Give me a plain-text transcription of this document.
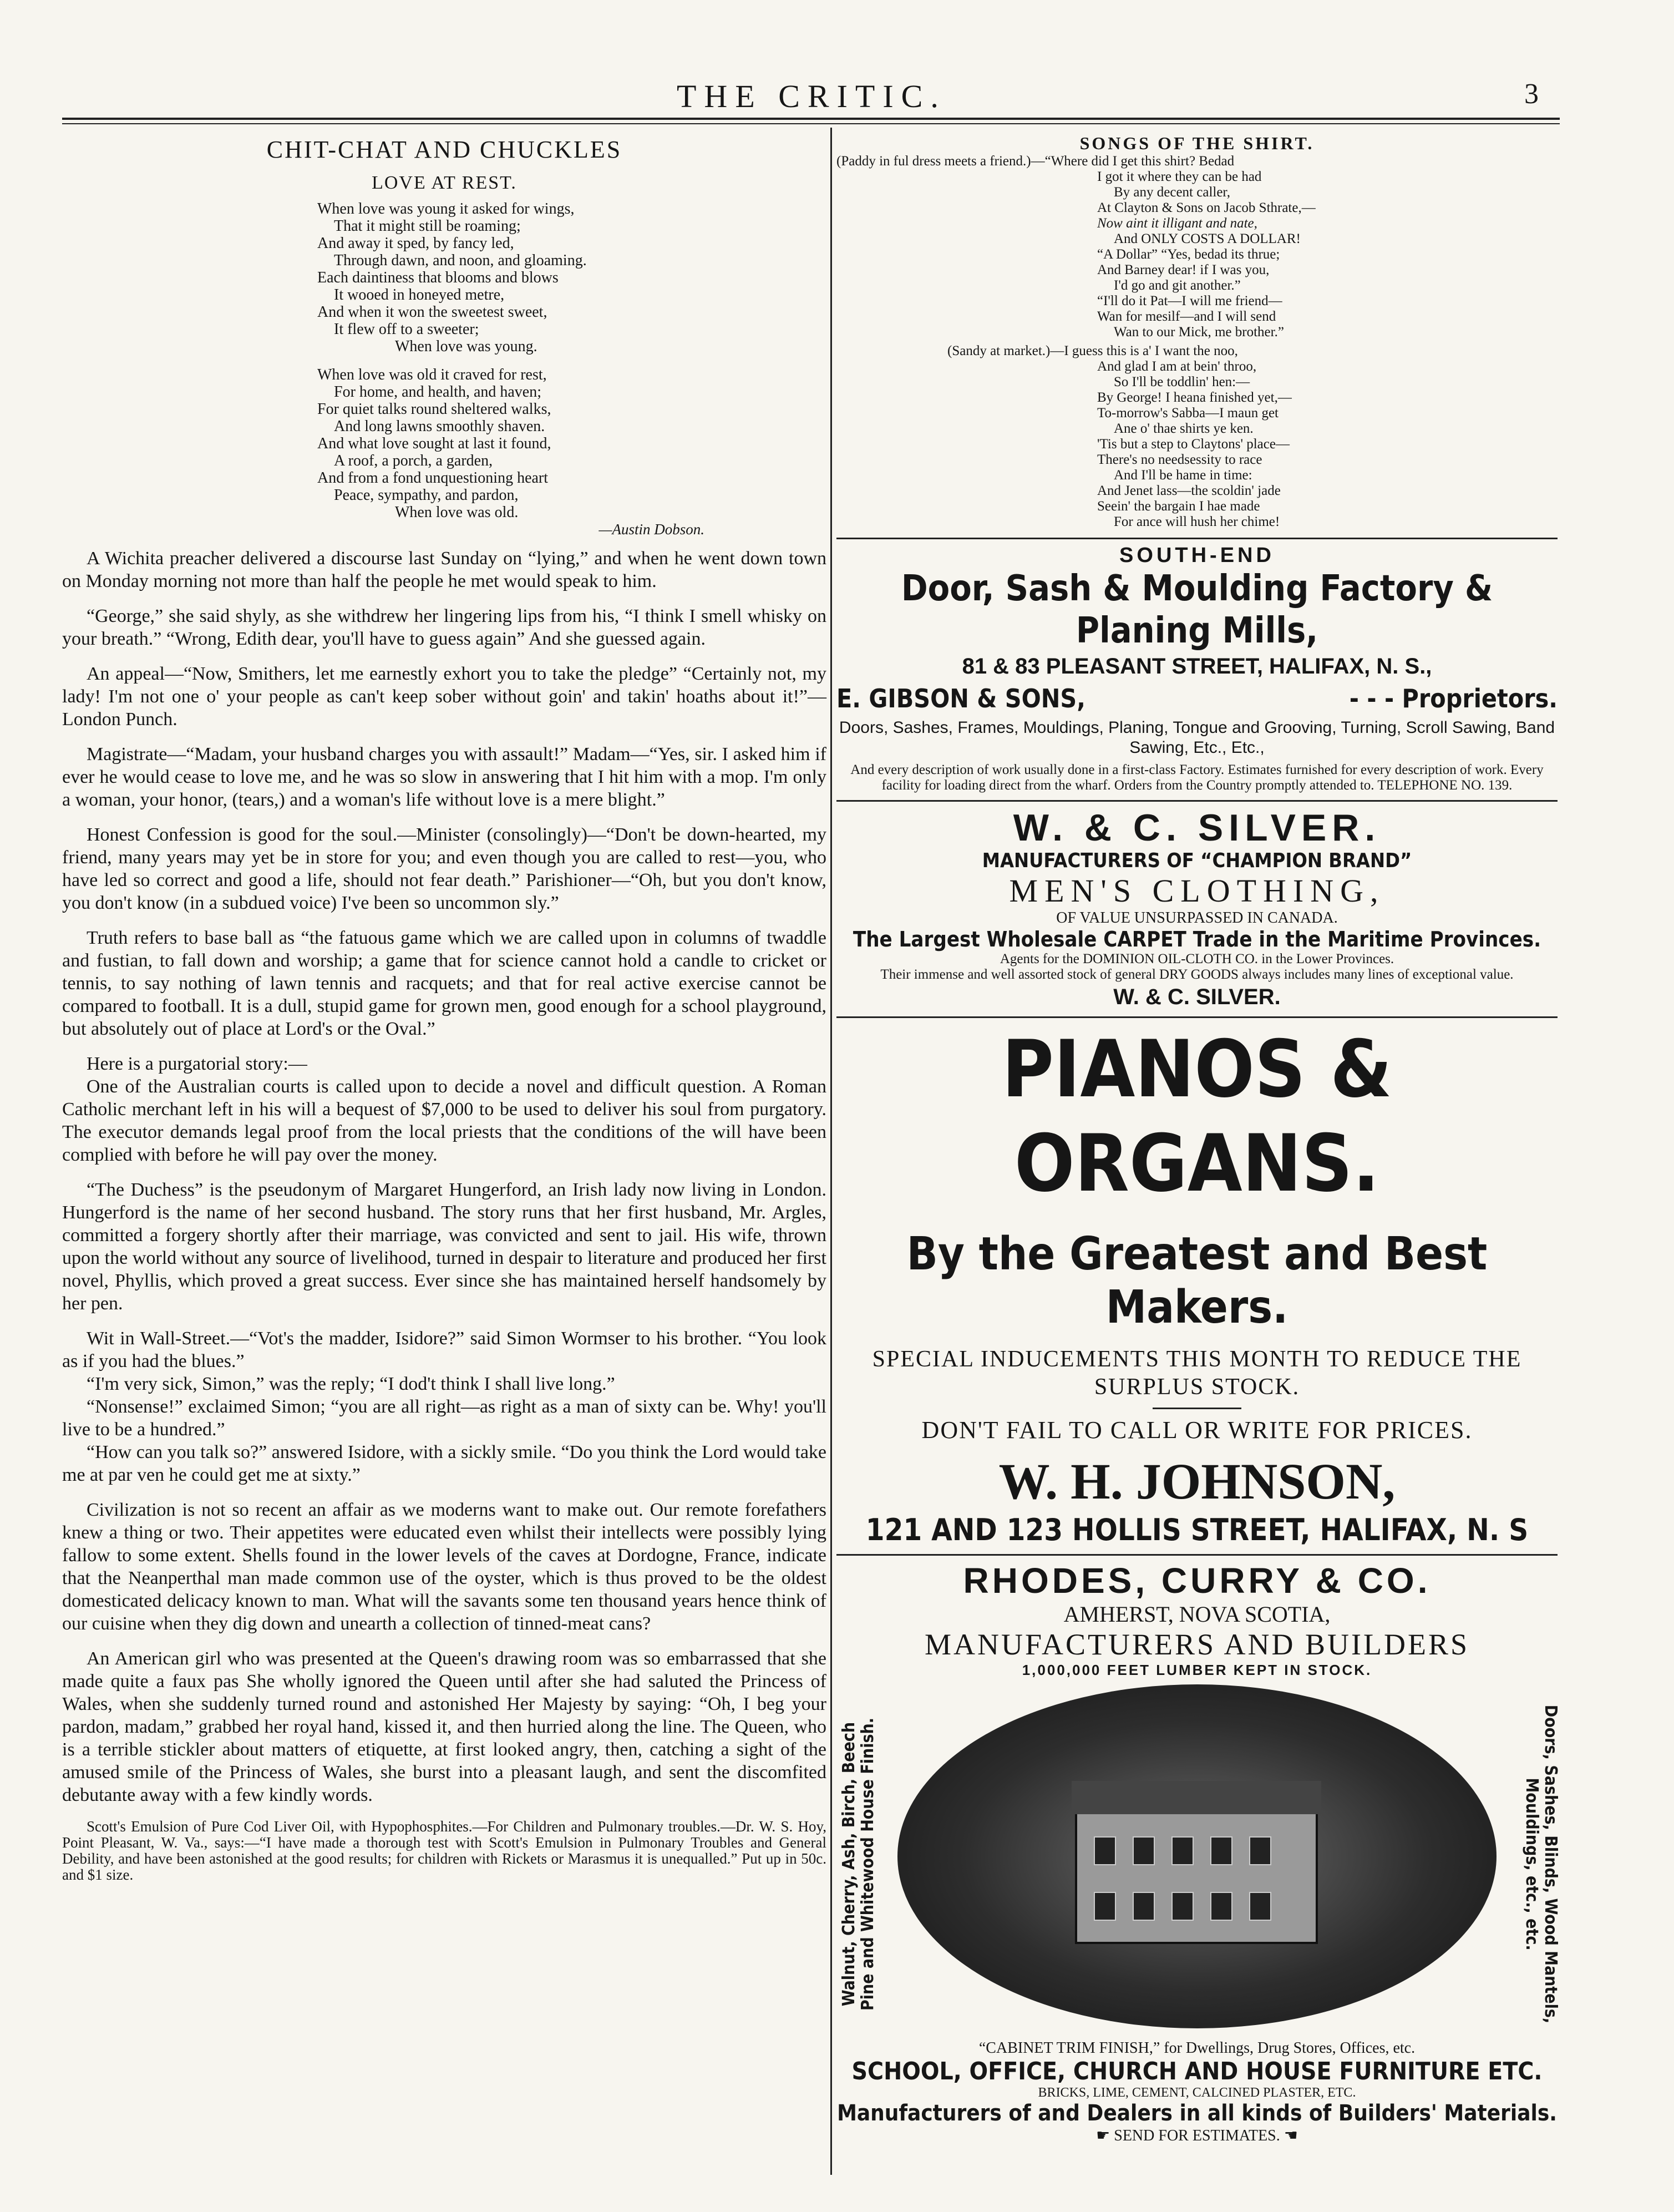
THE CRITIC.	3
CHIT-CHAT AND CHUCKLES
LOVE AT REST.
When love was young it asked for wings,
That it might still be roaming;
And away it sped, by fancy led,
Through dawn, and noon, and gloaming.
Each daintiness that blooms and blows
It wooed in honeyed metre,
And when it won the sweetest sweet,
It flew off to a sweeter;
When love was young.
When love was old it craved for rest,
For home, and health, and haven;
For quiet talks round sheltered walks,
And long lawns smoothly shaven.
And what love sought at last it found,
A roof, a porch, a garden,
And from a fond unquestioning heart
Peace, sympathy, and pardon,
When love was old.
—Austin Dobson.

A Wichita preacher delivered a discourse last Sunday on “lying,” and when he went down town on Monday morning not more than half the people he met would speak to him.

“George,” she said shyly, as she withdrew her lingering lips from his, “I think I smell whisky on your breath.” “Wrong, Edith dear, you'll have to guess again” And she guessed again.

An appeal—“Now, Smithers, let me earnestly exhort you to take the pledge” “Certainly not, my lady! I'm not one o' your people as can't keep sober without goin' and takin' hoaths about it!”—London Punch.

Magistrate—“Madam, your husband charges you with assault!” Madam—“Yes, sir. I asked him if ever he would cease to love me, and he was so slow in answering that I hit him with a mop. I'm only a woman, your honor, (tears,) and a woman's life without love is a mere blight.”

Honest Confession is good for the soul.—Minister (consolingly)—“Don't be down-hearted, my friend, many years may yet be in store for you; and even though you are called to rest—you, who have led so correct and good a life, should not fear death.” Parishioner—“Oh, but you don't know, you don't know (in a subdued voice) I've been so uncommon sly.”

Truth refers to base ball as “the fatuous game which we are called upon in columns of twaddle and fustian, to fall down and worship; a game that for science cannot hold a candle to cricket or tennis, to say nothing of lawn tennis and racquets; and that for real active exercise cannot be compared to football. It is a dull, stupid game for grown men, good enough for a school playground, but absolutely out of place at Lord's or the Oval.”

Here is a purgatorial story:—

One of the Australian courts is called upon to decide a novel and difficult question. A Roman Catholic merchant left in his will a bequest of $7,000 to be used to deliver his soul from purgatory. The executor demands legal proof from the local priests that the conditions of the will have been complied with before he will pay over the money.

“The Duchess” is the pseudonym of Margaret Hungerford, an Irish lady now living in London. Hungerford is the name of her second husband. The story runs that her first husband, Mr. Argles, committed a forgery shortly after their marriage, was convicted and sent to jail. His wife, thrown upon the world without any source of livelihood, turned in despair to literature and produced her first novel, Phyllis, which proved a great success. Ever since she has maintained herself handsomely by her pen.

Wit in Wall-Street.—“Vot's the madder, Isidore?” said Simon Wormser to his brother. “You look as if you had the blues.”

“I'm very sick, Simon,” was the reply; “I dod't think I shall live long.”

“Nonsense!” exclaimed Simon; “you are all right—as right as a man of sixty can be. Why! you'll live to be a hundred.”

“How can you talk so?” answered Isidore, with a sickly smile. “Do you think the Lord would take me at par ven he could get me at sixty.”

Civilization is not so recent an affair as we moderns want to make out. Our remote forefathers knew a thing or two. Their appetites were educated even whilst their intellects were possibly lying fallow to some extent. Shells found in the lower levels of the caves at Dordogne, France, indicate that the Neanperthal man made common use of the oyster, which is thus proved to be the oldest domesticated delicacy known to man. What will the savants some ten thousand years hence think of our cuisine when they dig down and unearth a collection of tinned-meat cans?

An American girl who was presented at the Queen's drawing room was so embarrassed that she made quite a faux pas She wholly ignored the Queen until after she had saluted the Princess of Wales, when she suddenly turned round and astonished Her Majesty by saying: “Oh, I beg your pardon, madam,” grabbed her royal hand, kissed it, and then hurried along the line. The Queen, who is a terrible stickler about matters of etiquette, at first looked angry, then, catching a sight of the amused smile of the Princess of Wales, she burst into a pleasant laugh, and sent the discomfited debutante away with a few kindly words.

Scott's Emulsion of Pure Cod Liver Oil, with Hypophosphites.—For Children and Pulmonary troubles.—Dr. W. S. Hoy, Point Pleasant, W. Va., says:—“I have made a thorough test with Scott's Emulsion in Pulmonary Troubles and General Debility, and have been astonished at the good results; for children with Rickets or Marasmus it is unequalled.” Put up in 50c. and $1 size.

SONGS OF THE SHIRT.
(Paddy in ful dress meets a friend.)—“Where did I get this shirt? Bedad
I got it where they can be had
By any decent caller,
At Clayton & Sons on Jacob Sthrate,—
Now aint it illigant and nate,
And ONLY COSTS A DOLLAR!
“A Dollar” “Yes, bedad its thrue;
And Barney dear! if I was you,
I'd go and git another.”
“I'll do it Pat—I will me friend—
Wan for mesilf—and I will send
Wan to our Mick, me brother.”
(Sandy at market.)—I guess this is a' I want the noo,
And glad I am at bein' throo,
So I'll be toddlin' hen:—
By George! I heana finished yet,—
To-morrow's Sabba—I maun get
Ane o' thae shirts ye ken.
'Tis but a step to Claytons' place—
There's no needsessity to race
And I'll be hame in time:
And Jenet lass—the scoldin' jade
Seein' the bargain I hae made
For ance will hush her chime!
SOUTH-END
Door, Sash & Moulding Factory & Planing Mills,
81 & 83 PLEASANT STREET, HALIFAX, N. S.,
E. GIBSON & SONS,	- - - Proprietors.
Doors, Sashes, Frames, Mouldings, Planing, Tongue and Grooving, Turning, Scroll Sawing, Band Sawing, Etc., Etc.,
And every description of work usually done in a first-class Factory. Estimates furnished for every description of work. Every facility for loading direct from the wharf. Orders from the Country promptly attended to. TELEPHONE NO. 139.
W. & C. SILVER.
MANUFACTURERS OF “CHAMPION BRAND”
MEN'S CLOTHING,
OF VALUE UNSURPASSED IN CANADA.
The Largest Wholesale CARPET Trade in the Maritime Provinces.
Agents for the DOMINION OIL-CLOTH CO. in the Lower Provinces.
Their immense and well assorted stock of general DRY GOODS always includes many lines of exceptional value.
W. & C. SILVER.
PIANOS & ORGANS.
By the Greatest and Best Makers.
SPECIAL INDUCEMENTS THIS MONTH TO REDUCE THE SURPLUS STOCK.
DON'T FAIL TO CALL OR WRITE FOR PRICES.
W. H. JOHNSON,
121 AND 123 HOLLIS STREET, HALIFAX, N. S
RHODES, CURRY & CO.
AMHERST, NOVA SCOTIA,
MANUFACTURERS AND BUILDERS
1,000,000 FEET LUMBER KEPT IN STOCK.
Walnut, Cherry, Ash, Birch, Beech Pine and Whitewood House Finish.	Doors, Sashes, Blinds, Wood Mantels, Mouldings, etc., etc.
“CABINET TRIM FINISH,” for Dwellings, Drug Stores, Offices, etc.
SCHOOL, OFFICE, CHURCH AND HOUSE FURNITURE ETC.
BRICKS, LIME, CEMENT, CALCINED PLASTER, ETC.
Manufacturers of and Dealers in all kinds of Builders' Materials.
☛ SEND FOR ESTIMATES. ☚
